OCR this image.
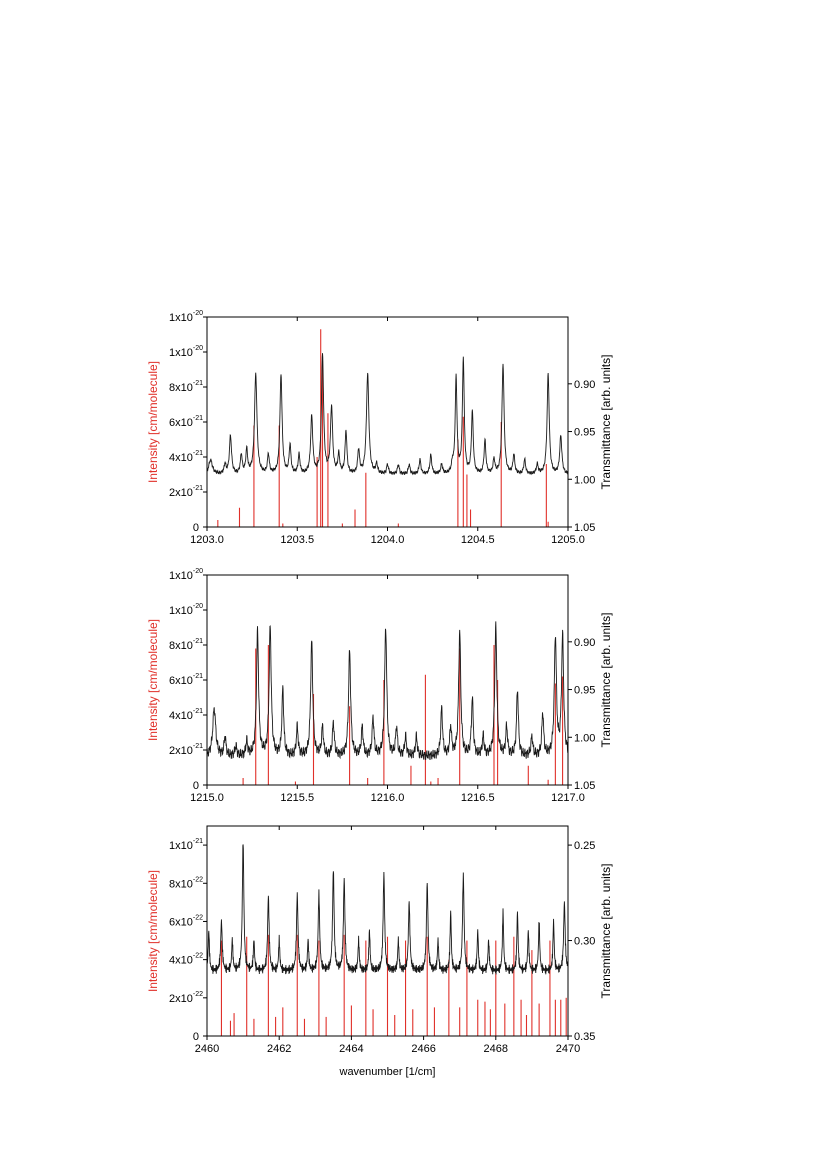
1203.0	1203.5	1204.0	1204.5	1205.0
0
$2x10^{-21}$
$4x10^{-21}$
$6x10^{-21}$
$8x10^{-21}$
$1x10^{-20}$
$1x10^{-20}$
0.90
0.95
1.00
1.05
Intensity [cm/molecule]	Transmittance [arb. units]
1215.0	1215.5	1216.0	1216.5	1217.0
0
$2x10^{-21}$
$4x10^{-21}$
$6x10^{-21}$
$8x10^{-21}$
$1x10^{-20}$
$1x10^{-20}$
0.90
0.95
1.00
1.05
Intensity [cm/molecule]	Transmittance [arb. units]
2460	2462	2464	2466	2468	2470
0
$2x10^{-22}$
$4x10^{-22}$
$6x10^{-22}$
$8x10^{-22}$
$1x10^{-21}$	0.25
0.30
0.35
Intensity [cm/molecule]	Transmittance [arb. units]
wavenumber [1/cm]
